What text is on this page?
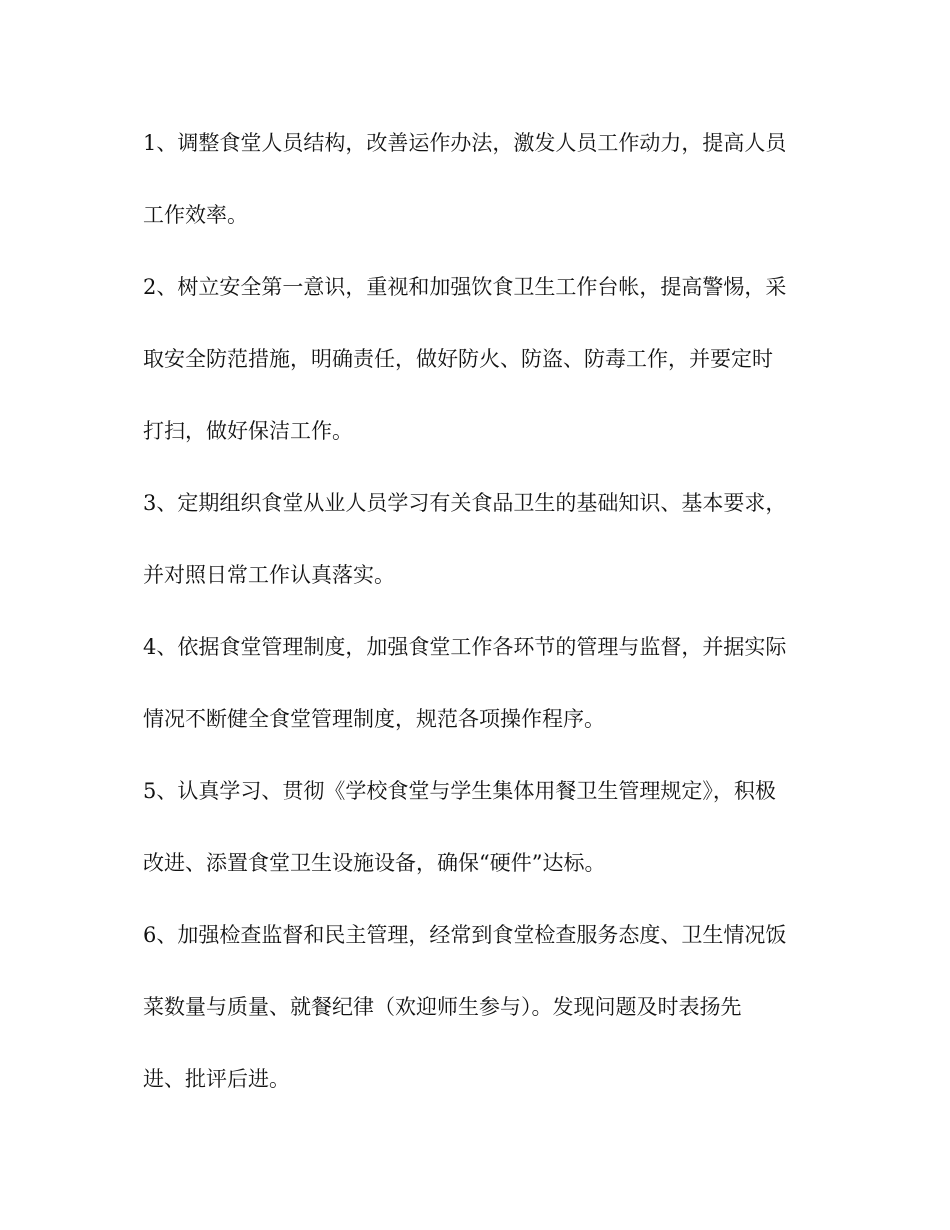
1、调整食堂人员结构，改善运作办法，激发人员工作动力，提高人员
工作效率。
2、树立安全第一意识，重视和加强饮食卫生工作台帐，提高警惕，采
取安全防范措施，明确责任，做好防火、防盗、防毒工作，并要定时
打扫，做好保洁工作。
3、定期组织食堂从业人员学习有关食品卫生的基础知识、基本要求，
并对照日常工作认真落实。
4、依据食堂管理制度，加强食堂工作各环节的管理与监督，并据实际
情况不断健全食堂管理制度，规范各项操作程序。
5、认真学习、贯彻《学校食堂与学生集体用餐卫生管理规定》，积极
改进、添置食堂卫生设施设备，确保“硬件”达标。
6、加强检查监督和民主管理，经常到食堂检查服务态度、卫生情况饭
菜数量与质量、就餐纪律（欢迎师生参与）。发现问题及时表扬先
进、批评后进。
